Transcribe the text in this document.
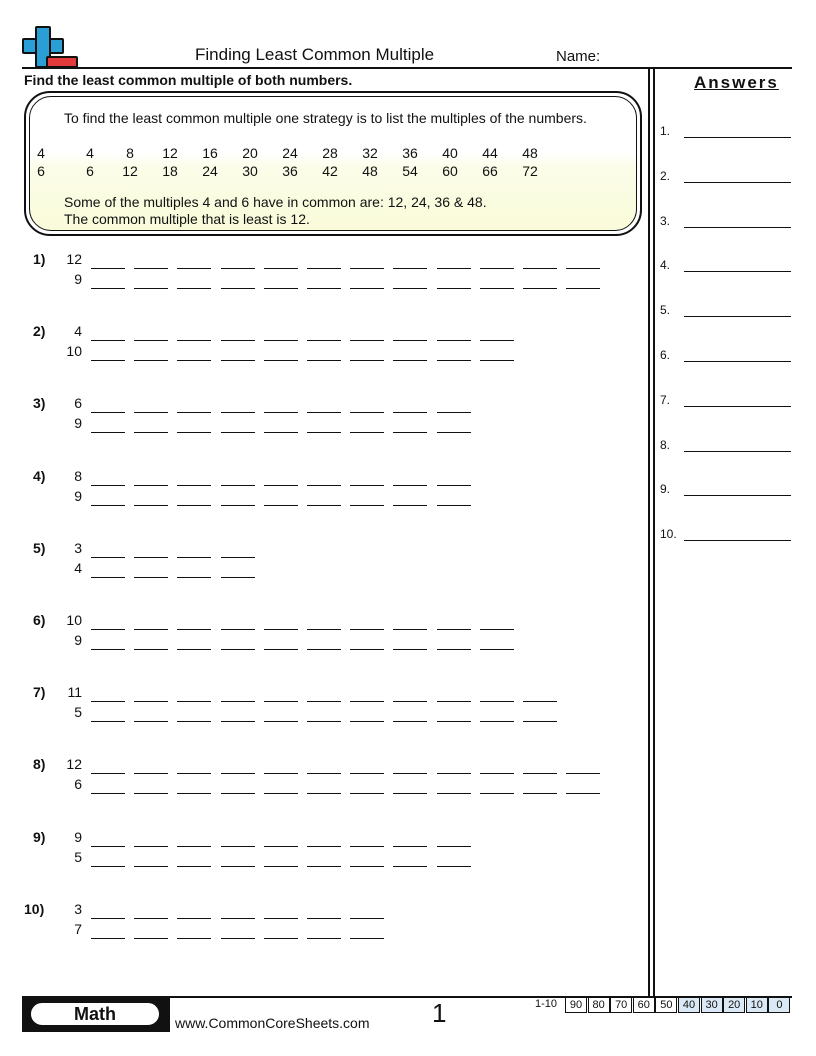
Finding Least Common Multiple	Name:
Find the least common multiple of both numbers.
To find the least common multiple one strategy is to list the multiples of the numbers.
4	4 8 12 16 20 24 28 32 36 40 44 48
6	6 12 18 24 30 36 42 48 54 60 66 72
Some of the multiples 4 and 6 have in common are: 12, 24, 36 & 48.
The common multiple that is least is 12.
1)	12
9
2)	4
10
3)	6
9
4)	8
9
5)	3
4
6)	10
9
7)	11
5
8)	12
6
9)	9
5
10)	3
7
Answers
1.
2.
3.
4.
5.
6.
7.
8.
9.
10.
Math	www.CommonCoreSheets.com 1	1-10	90 80 70 60 50 40 30 20 10	0
